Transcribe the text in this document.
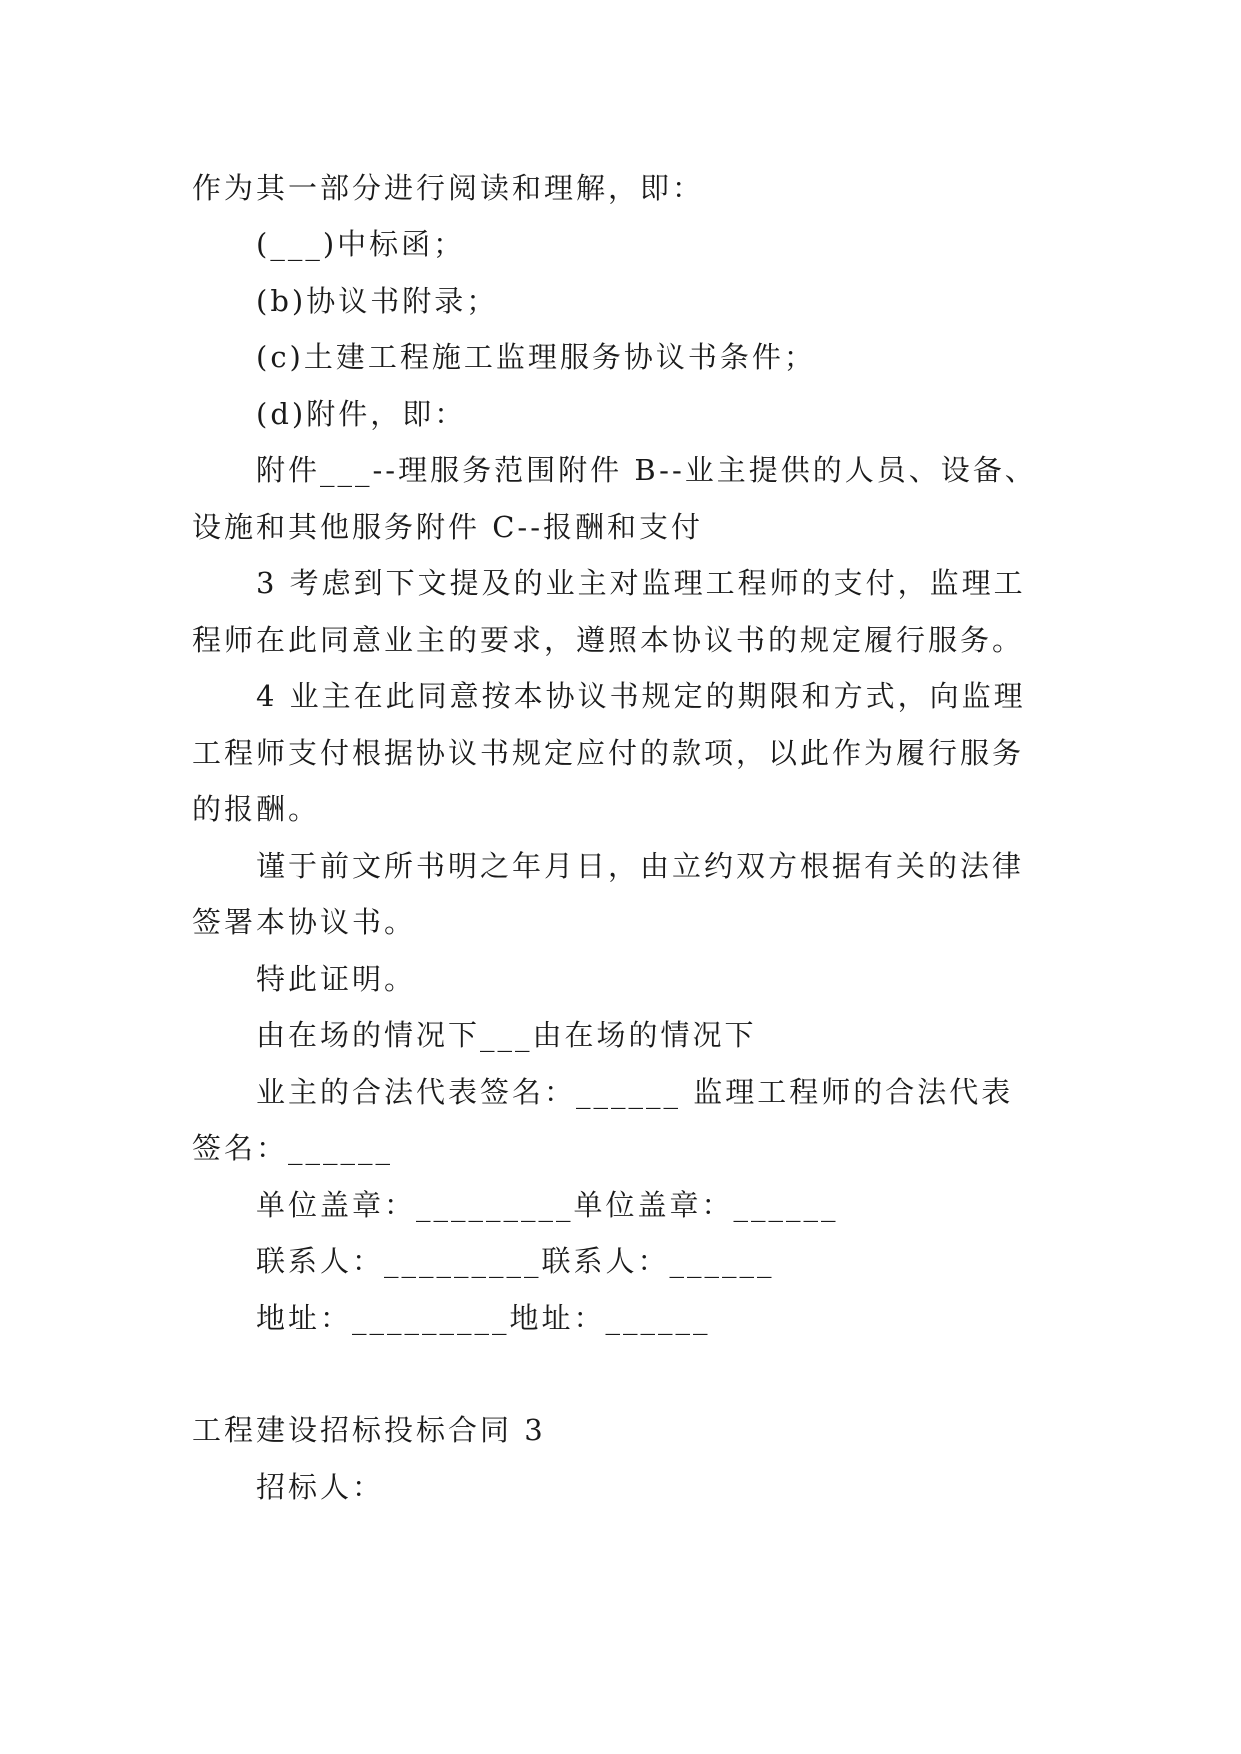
作为其一部分进行阅读和理解，即：
(___)中标函；
(b)协议书附录；
(c)土建工程施工监理服务协议书条件；
(d)附件，即：
附件___--理服务范围附件 B--业主提供的人员、设备、
设施和其他服务附件 C--报酬和支付
3 考虑到下文提及的业主对监理工程师的支付，监理工
程师在此同意业主的要求，遵照本协议书的规定履行服务。
4 业主在此同意按本协议书规定的期限和方式，向监理
工程师支付根据协议书规定应付的款项，以此作为履行服务
的报酬。
谨于前文所书明之年月日，由立约双方根据有关的法律
签署本协议书。
特此证明。
由在场的情况下___由在场的情况下
业主的合法代表签名：______ 监理工程师的合法代表
签名：______
单位盖章：_________单位盖章：______
联系人：_________联系人：______
地址：_________地址：______
工程建设招标投标合同 3
招标人：
